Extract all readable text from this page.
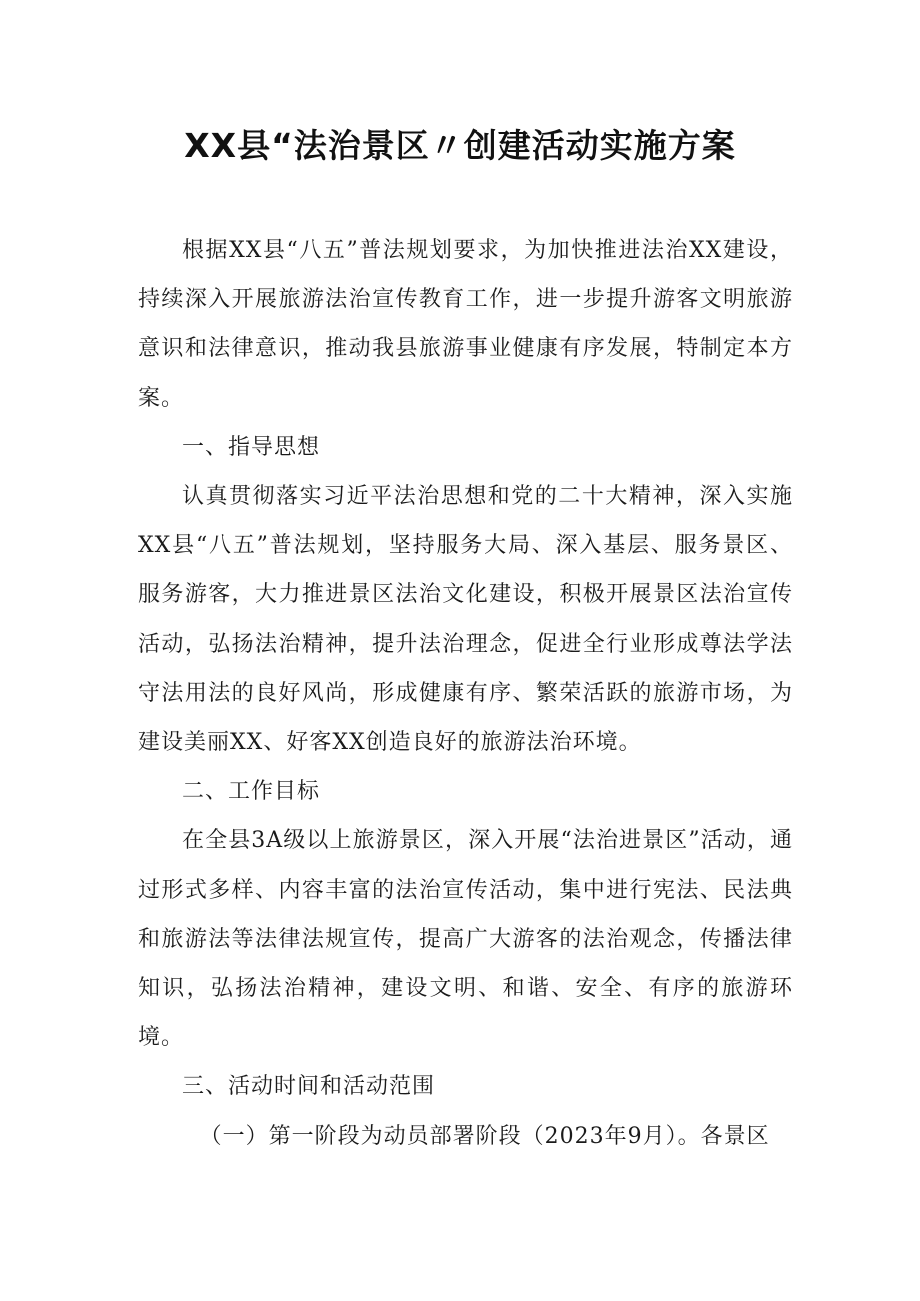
XX县“法治景区〃创建活动实施方案

根据XX县“八五”普法规划要求，为加快推进法治XX建设，持续深入开展旅游法治宣传教育工作，进一步提升游客文明旅游意识和法律意识，推动我县旅游事业健康有序发展，特制定本方案。

一、指导思想

认真贯彻落实习近平法治思想和党的二十大精神，深入实施XX县“八五”普法规划，坚持服务大局、深入基层、服务景区、服务游客，大力推进景区法治文化建设，积极开展景区法治宣传活动，弘扬法治精神，提升法治理念，促进全行业形成尊法学法守法用法的良好风尚，形成健康有序、繁荣活跃的旅游市场，为建设美丽XX、好客XX创造良好的旅游法治环境。

二、工作目标

在全县3A级以上旅游景区，深入开展“法治进景区”活动，通过形式多样、内容丰富的法治宣传活动，集中进行宪法、民法典和旅游法等法律法规宣传，提高广大游客的法治观念，传播法律知识，弘扬法治精神，建设文明、和谐、安全、有序的旅游环境。

三、活动时间和活动范围

（一）第一阶段为动员部署阶段（2023年9月）。各景区
